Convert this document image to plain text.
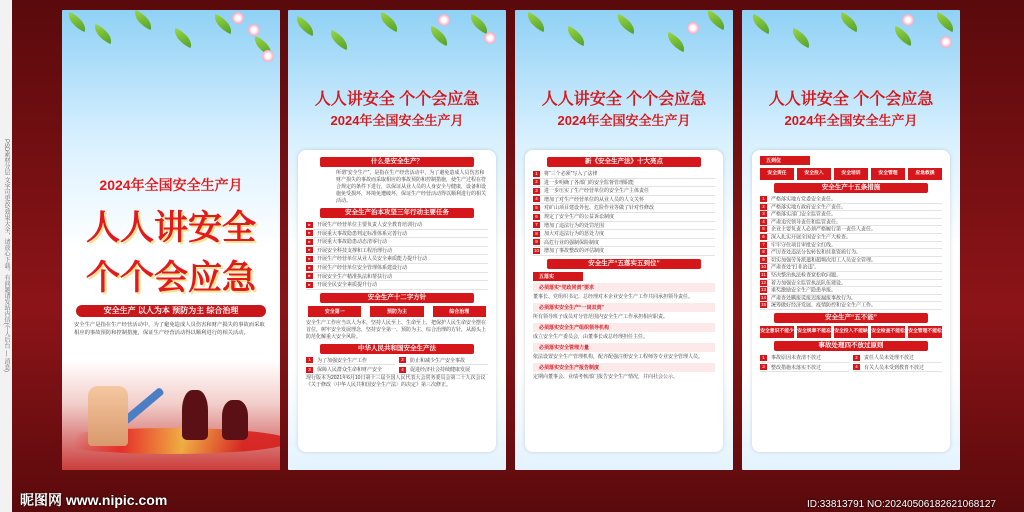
PSD素材分层 文字可更改/效果大全，请放心下载。有问题请发站内信(个人后台 — 消息)	2024年全国安全生产月
人人讲安全
个个会应急
安全生产 以人为本 预防为主 综合治理
安全生产是指在生产经营活动中，为了避免造成人员伤害和财产损失的事故而采取相应的事故预防和控制措施，保证生产经营活动得以顺利进行的相关活动。
人人讲安全 个个会应急
2024年全国安全生产月
什么是安全生产？
所谓“安全生产”，是指在生产经营活动中，为了避免造成人员伤害和财产损失的事故而采取相应的事故预防和控制措施，使生产过程在符合规定的条件下进行，以保证从业人员的人身安全与健康，设备和设施免受损坏，环境免遭破坏，保证生产经营活动得以顺利进行的相关活动。
安全生产治本攻坚三年行动主要任务
▸ 开展生产经营单位主要负责人安全教育培训行动
▸ 开展重大事故隐患判定标准体系完善行动
▸ 开展重大事故隐患动态清零行动
▸ 开展安全科技支撑和工程治理行动
▸ 开展生产经营单位从业人员安全素质能力提升行动
▸ 开展生产经营单位安全管理体系建设行动
▸ 开展安全生产精准执法和帮扶行动
▸ 开展全民安全素质提升行动
安全生产十二字方针
安全第一	预防为主	综合治理
安全生产工作应当以人为本，坚持人民至上、生命至上，把保护人民生命安全摆在首位，树牢安全发展理念，坚持安全第一、预防为主、综合治理的方针，从源头上防范化解重大安全风险。
中华人民共和国安全生产法
1 为了加强安全生产工作	2 防止和减少生产安全事故
3 保障人民群众生命和财产安全	4 促进经济社会持续健康发展
现行版本为2021年6月10日第十三届全国人民代表大会常务委员会第二十九次会议《关于修改〈中华人民共和国安全生产法〉的决定》第三次修正。
人人讲安全 个个会应急
2024年全国安全生产月
新《安全生产法》十大亮点
1 将“三个必须”写入了法律
2 进一步明确了各部门的安全监督管理职能
3 进一步压实了生产经营单位的安全生产主体责任
4 增加了对生产经营单位的从业人员的人文关怀
5 对矿山项目建设外包、危险作业等做了针对性修改
6 规定了安全生产的公益诉讼制度
7 增加了违法行为的处罚范围
8 加大对违法行为的惩处力度
9 高危行业的强制保险制度
10 增加了事故整改的评估制度
安全生产“五落实五到位”
五落实
必须落实“党政同责”要求
董事长、党组织书记、总经理对本企业安全生产工作共同承担领导责任。
必须落实安全生产“一岗双责”
所有领导班子成员对分管范围内安全生产工作承担相应职责。
必须落实安全生产组织领导机构
成立安全生产委员会，由董事长或总经理担任主任。
必须落实安全管理力量
依法设置安全生产管理机构，配齐配强注册安全工程师等专业安全管理人员。
必须落实安全生产报告制度
定期向董事会、业绩考核部门报告安全生产情况，并向社会公示。
人人讲安全 个个会应急
2024年全国安全生产月
五到位
安全责任	安全投入	安全培训	安全管理	应急救援
安全生产十五条措施
1 严格落实地方党委安全责任。
2 严格落实地方政府安全生产责任。
3 严格落实部门安全监管责任。
4 严肃追究领导责任和监管责任。
5 企业主要负责人必须严格履行第一责任人责任。
6 深入扎实开展全国安全生产大检查。
7 牢牢守住项目审批安全红线。
8 严厉查处违法分包转包和挂靠资质行为。
9 切实加强劳务派遣和超频次用工人员安全管理。
10 严肃查处“打非治违”。
11 坚决整治执法检查宽松软问题。
12 着力加强安全监管执法队伍建设。
13 重奖激励安全生产隐患举报。
14 严肃查处瞒报谎报迟报漏报事故行为。
15 统筹做好经济发展、疫情防控和安全生产工作。
安全生产“五不能”
安全意识不能少 安全规章不能忘 安全投入不能缺 安全检查不能松 安全管理不能松
事故处理四不放过原则
1 事故原因未查清不放过	2 责任人员未处理不放过
3 整改措施未落实不放过	4 有关人员未受到教育不放过
昵图网 www.nipic.com	ID:33813791 NO:20240506182621068127
